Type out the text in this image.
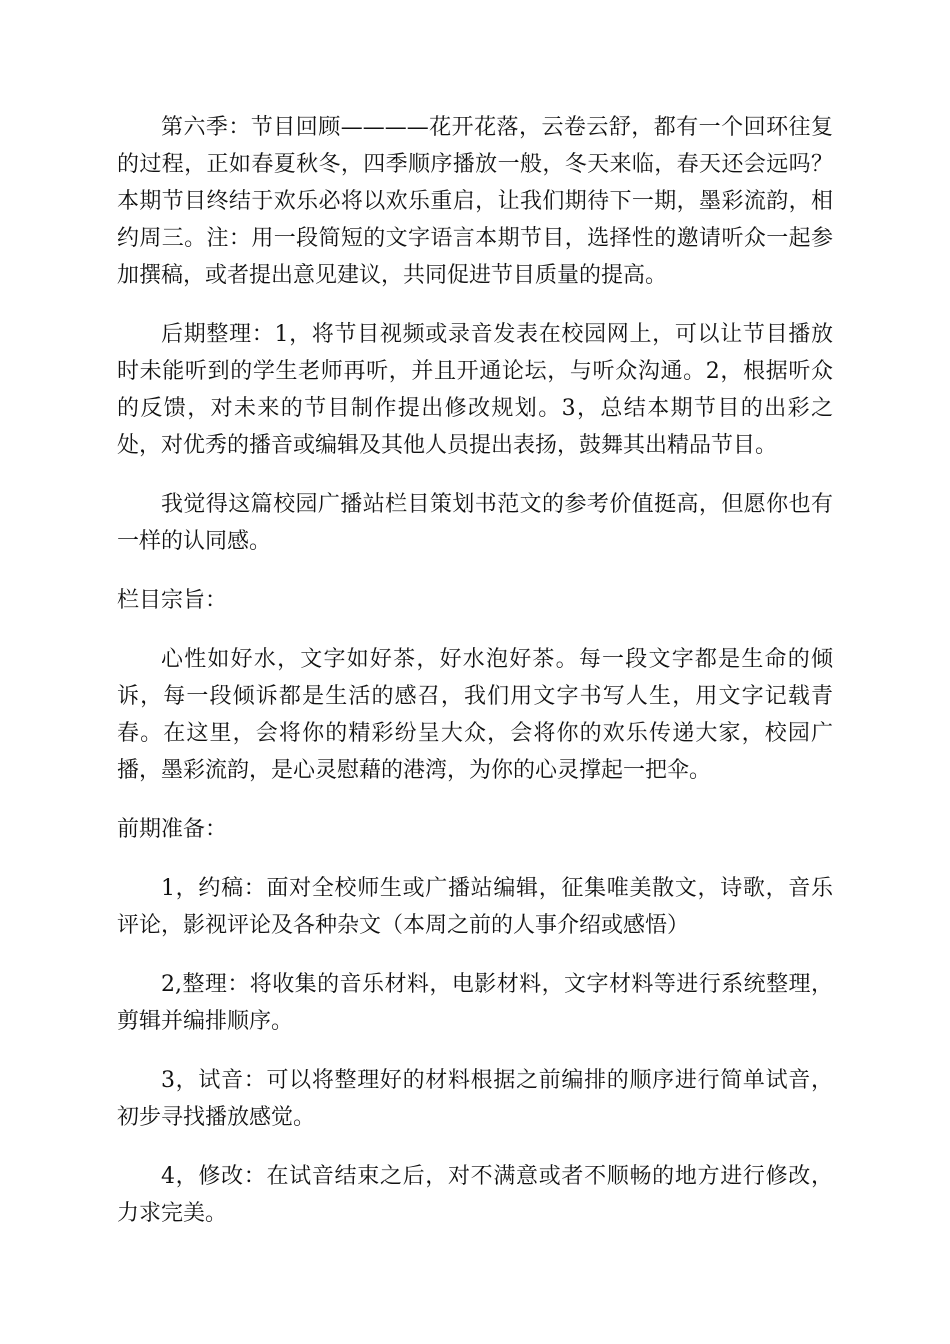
第六季：节目回顾————花开花落，云卷云舒，都有一个回环往复的过程，正如春夏秋冬，四季顺序播放一般，冬天来临，春天还会远吗？本期节目终结于欢乐必将以欢乐重启，让我们期待下一期，墨彩流韵，相约周三。注：用一段简短的文字语言本期节目，选择性的邀请听众一起参加撰稿，或者提出意见建议，共同促进节目质量的提高。

后期整理：1，将节目视频或录音发表在校园网上，可以让节目播放时未能听到的学生老师再听，并且开通论坛，与听众沟通。2，根据听众的反馈，对未来的节目制作提出修改规划。3，总结本期节目的出彩之处，对优秀的播音或编辑及其他人员提出表扬，鼓舞其出精品节目。

我觉得这篇校园广播站栏目策划书范文的参考价值挺高，但愿你也有一样的认同感。

栏目宗旨：

心性如好水，文字如好茶，好水泡好茶。每一段文字都是生命的倾诉，每一段倾诉都是生活的感召，我们用文字书写人生，用文字记载青春。在这里，会将你的精彩纷呈大众，会将你的欢乐传递大家，校园广播，墨彩流韵，是心灵慰藉的港湾，为你的心灵撑起一把伞。

前期准备：

1，约稿：面对全校师生或广播站编辑，征集唯美散文，诗歌，音乐评论，影视评论及各种杂文（本周之前的人事介绍或感悟）

2,整理：将收集的音乐材料，电影材料，文字材料等进行系统整理，剪辑并编排顺序。

3，试音：可以将整理好的材料根据之前编排的顺序进行简单试音，初步寻找播放感觉。

4，修改：在试音结束之后，对不满意或者不顺畅的地方进行修改，力求完美。
